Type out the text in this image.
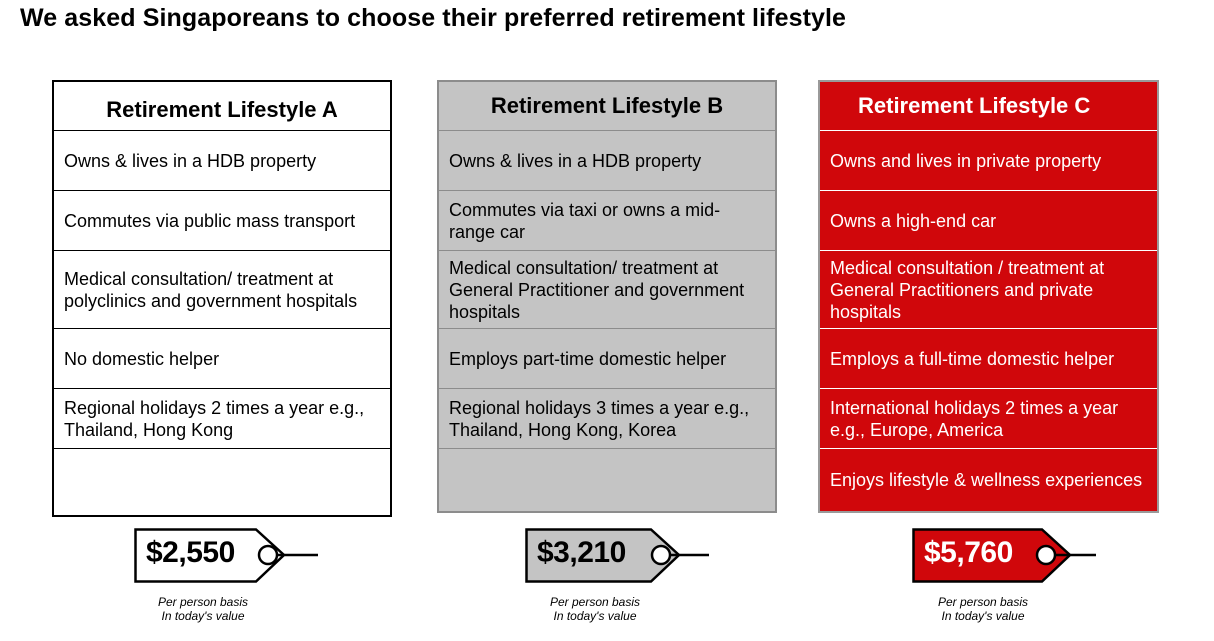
We asked Singaporeans to choose their preferred retirement lifestyle
Retirement Lifestyle A
Owns & lives in a HDB property
Commutes via public mass transport
Medical consultation/ treatment at polyclinics and government hospitals
No domestic helper
Regional holidays 2 times a year e.g., Thailand, Hong Kong
Retirement Lifestyle B
Owns & lives in a HDB property
Commutes via taxi or owns a mid-range car
Medical consultation/ treatment at General Practitioner and government hospitals
Employs part-time domestic helper
Regional holidays 3 times a year e.g., Thailand, Hong Kong, Korea
Retirement Lifestyle C
Owns and lives in private property
Owns a high-end car
Medical consultation / treatment at General Practitioners and private hospitals
Employs a full-time domestic helper
International holidays 2 times a year e.g., Europe, America
Enjoys lifestyle & wellness experiences
$2,550	$3,210	$5,760
Per person basis
In today's value
Per person basis
In today's value
Per person basis
In today's value
